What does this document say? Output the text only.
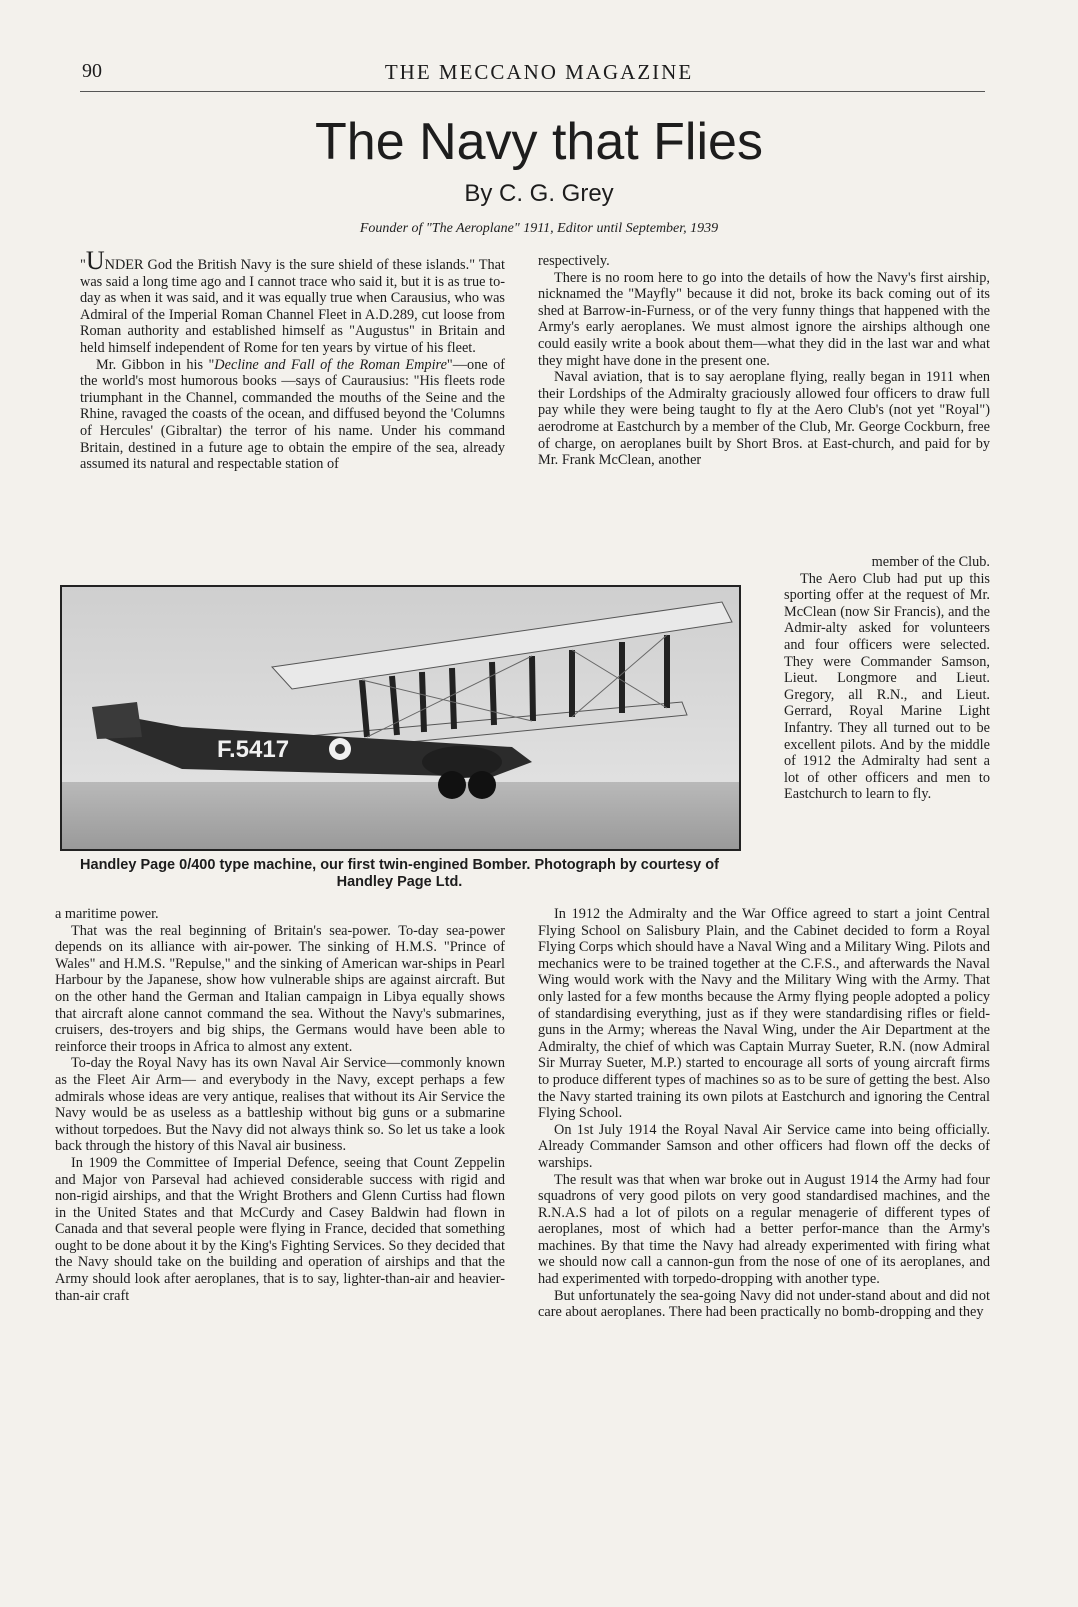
90	THE MECCANO MAGAZINE
The Navy that Flies
By C. G. Grey
Founder of "The Aeroplane" 1911, Editor until September, 1939

"UNDER God the British Navy is the sure shield of these islands." That was said a long time ago and I cannot trace who said it, but it is as true to-day as when it was said, and it was equally true when Carausius, who was Admiral of the Imperial Roman Channel Fleet in A.D.289, cut loose from Roman authority and established himself as "Augustus" in Britain and held himself independent of Rome for ten years by virtue of his fleet.

Mr. Gibbon in his "Decline and Fall of the Roman Empire"—one of the world's most humorous books —says of Caurausius: "His fleets rode triumphant in the Channel, commanded the mouths of the Seine and the Rhine, ravaged the coasts of the ocean, and diffused beyond the 'Columns of Hercules' (Gibraltar) the terror of his name. Under his command Britain, destined in a future age to obtain the empire of the sea, already assumed its natural and respectable station of

respectively.

There is no room here to go into the details of how the Navy's first airship, nicknamed the "Mayfly" because it did not, broke its back coming out of its shed at Barrow-in-Furness, or of the very funny things that happened with the Army's early aeroplanes. We must almost ignore the airships although one could easily write a book about them—what they did in the last war and what they might have done in the present one.

Naval aviation, that is to say aeroplane flying, really began in 1911 when their Lordships of the Admiralty graciously allowed four officers to draw full pay while they were being taught to fly at the Aero Club's (not yet "Royal") aerodrome at Eastchurch by a member of the Club, Mr. George Cockburn, free of charge, on aeroplanes built by Short Bros. at East-church, and paid for by Mr. Frank McClean, another

F.5417
Handley Page 0/400 type machine, our first twin-engined Bomber. Photograph by courtesy of Handley Page Ltd.

member of the Club.

The Aero Club had put up this sporting offer at the request of Mr. McClean (now Sir Francis), and the Admir-alty asked for volunteers and four officers were selected. They were Commander Samson, Lieut. Longmore and Lieut. Gregory, all R.N., and Lieut. Gerrard, Royal Marine Light Infantry. They all turned out to be excellent pilots. And by the middle of 1912 the Admiralty had sent a lot of other officers and men to Eastchurch to learn to fly.

a maritime power.

That was the real beginning of Britain's sea-power. To-day sea-power depends on its alliance with air-power. The sinking of H.M.S. "Prince of Wales" and H.M.S. "Repulse," and the sinking of American war-ships in Pearl Harbour by the Japanese, show how vulnerable ships are against aircraft. But on the other hand the German and Italian campaign in Libya equally shows that aircraft alone cannot command the sea. Without the Navy's submarines, cruisers, des-troyers and big ships, the Germans would have been able to reinforce their troops in Africa to almost any extent.

To-day the Royal Navy has its own Naval Air Service—commonly known as the Fleet Air Arm— and everybody in the Navy, except perhaps a few admirals whose ideas are very antique, realises that without its Air Service the Navy would be as useless as a battleship without big guns or a submarine without torpedoes. But the Navy did not always think so. So let us take a look back through the history of this Naval air business.

In 1909 the Committee of Imperial Defence, seeing that Count Zeppelin and Major von Parseval had achieved considerable success with rigid and non-rigid airships, and that the Wright Brothers and Glenn Curtiss had flown in the United States and that McCurdy and Casey Baldwin had flown in Canada and that several people were flying in France, decided that something ought to be done about it by the King's Fighting Services. So they decided that the Navy should take on the building and operation of airships and that the Army should look after aeroplanes, that is to say, lighter-than-air and heavier-than-air craft

In 1912 the Admiralty and the War Office agreed to start a joint Central Flying School on Salisbury Plain, and the Cabinet decided to form a Royal Flying Corps which should have a Naval Wing and a Military Wing. Pilots and mechanics were to be trained together at the C.F.S., and afterwards the Naval Wing would work with the Navy and the Military Wing with the Army. That only lasted for a few months because the Army flying people adopted a policy of standardising everything, just as if they were standardising rifles or field-guns in the Army; whereas the Naval Wing, under the Air Department at the Admiralty, the chief of which was Captain Murray Sueter, R.N. (now Admiral Sir Murray Sueter, M.P.) started to encourage all sorts of young aircraft firms to produce different types of machines so as to be sure of getting the best. Also the Navy started training its own pilots at Eastchurch and ignoring the Central Flying School.

On 1st July 1914 the Royal Naval Air Service came into being officially. Already Commander Samson and other officers had flown off the decks of warships.

The result was that when war broke out in August 1914 the Army had four squadrons of very good pilots on very good standardised machines, and the R.N.A.S had a lot of pilots on a regular menagerie of different types of aeroplanes, most of which had a better perfor-mance than the Army's machines. By that time the Navy had already experimented with firing what we should now call a cannon-gun from the nose of one of its aeroplanes, and had experimented with torpedo-dropping with another type.

But unfortunately the sea-going Navy did not under-stand about and did not care about aeroplanes. There had been practically no bomb-dropping and they
